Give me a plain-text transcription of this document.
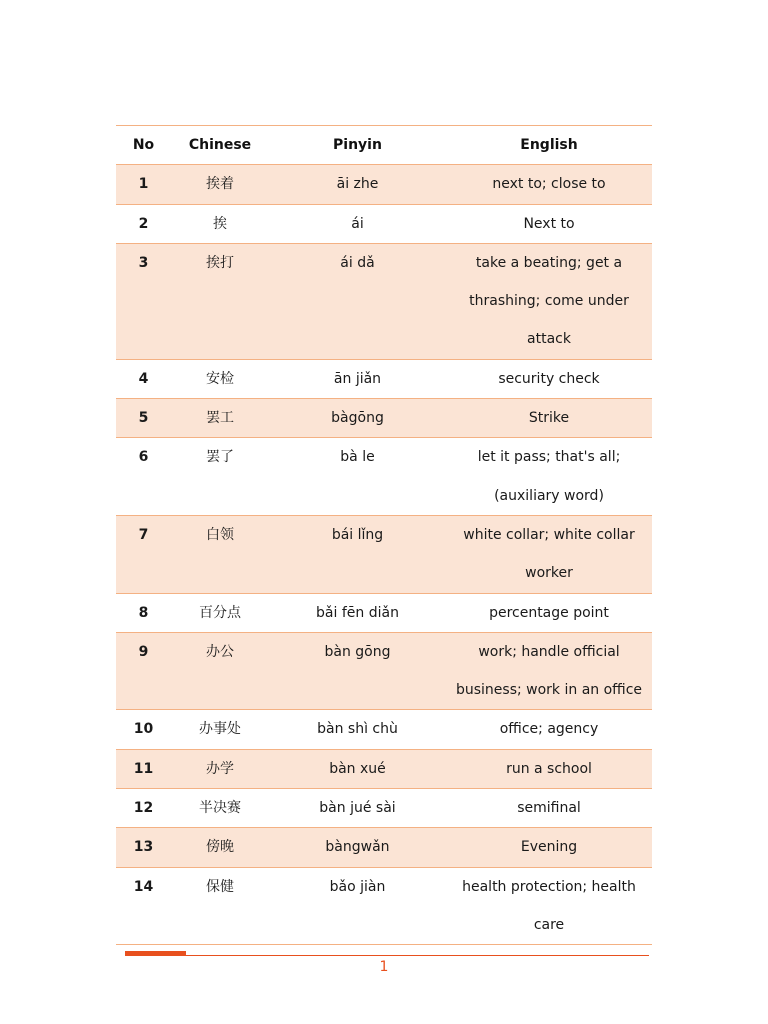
No	Chinese	Pinyin	English
1	挨着	āi zhe	next to; close to
2	挨	ái	Next to
3	挨打	ái dǎ	take a beating; get a thrashing; come under attack
4	安检	ān jiǎn	security check
5	罢工	bàgōng	Strike
6	罢了	bà le	let it pass; that's all; (auxiliary word)
7	白领	bái lǐng	white collar; white collar worker
8	百分点	bǎi fēn diǎn	percentage point
9	办公	bàn gōng	work; handle official business; work in an office
10	办事处	bàn shì chù	office; agency
11	办学	bàn xué	run a school
12	半决赛	bàn jué sài	semifinal
13	傍晚	bàngwǎn	Evening
14	保健	bǎo jiàn	health protection; health care
1
